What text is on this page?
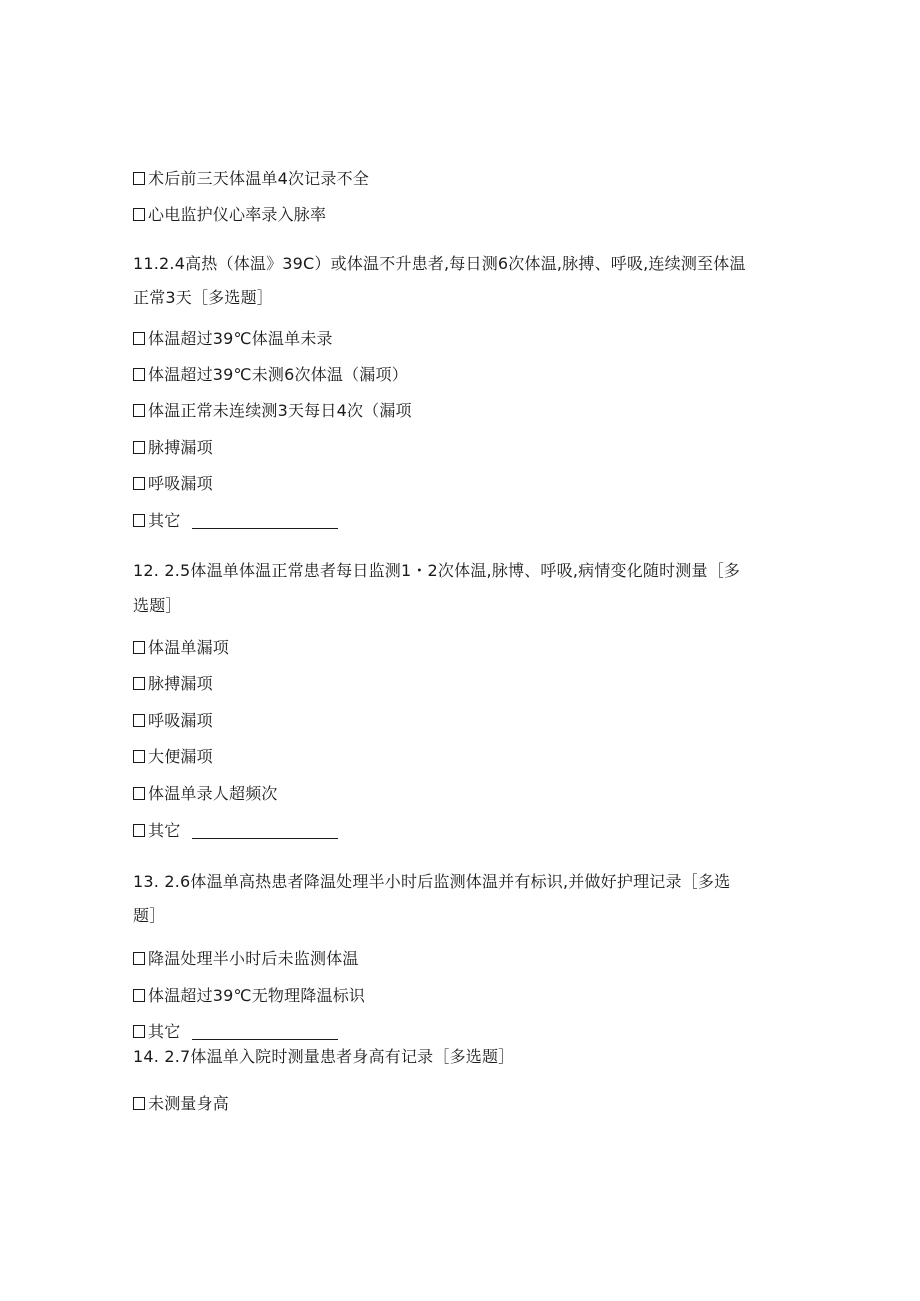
术后前三天体温单4次记录不全
心电监护仪心率录入脉率
11.2.4高热（体温》39C）或体温不升患者,每日测6次体温,脉搏、呼吸,连续测至体温
正常3天［多选题］
体温超过39℃体温单未录
体温超过39℃未测6次体温（漏项）
体温正常未连续测3天每日4次（漏项
脉搏漏项
呼吸漏项
其它
12. 2.5体温单体温正常患者每日监测1・2次体温,脉博、呼吸,病情变化随时测量［多
选题］
体温单漏项
脉搏漏项
呼吸漏项
大便漏项
体温单录人超频次
其它
13. 2.6体温单高热患者降温处理半小时后监测体温并有标识,并做好护理记录［多选
题］
降温处理半小时后未监测体温
体温超过39℃无物理降温标识
其它
14. 2.7体温单入院时测量患者身高有记录［多选题］
未测量身高
